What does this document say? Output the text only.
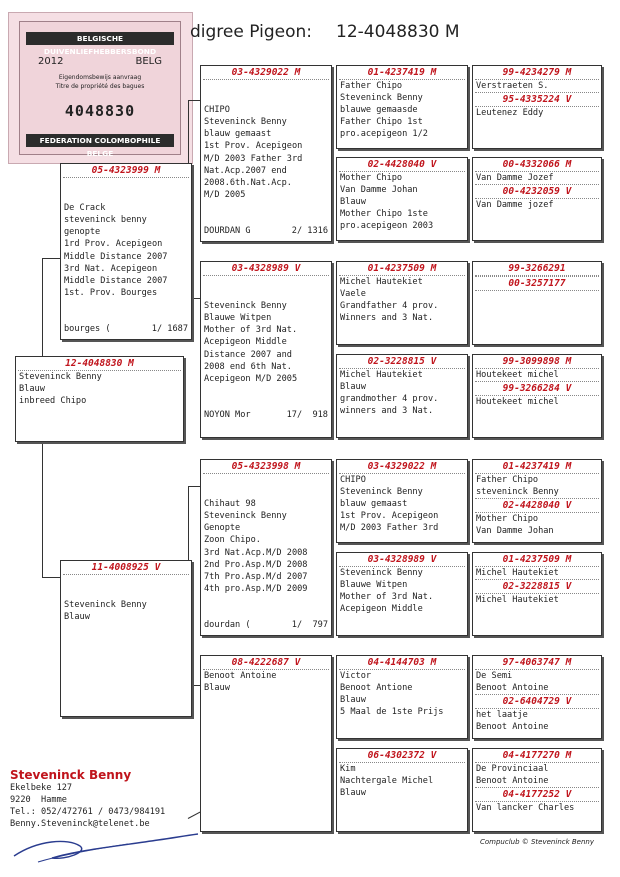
BELGISCHE DUIVENLIEFHEBBERSBOND
2012	BELG
Eigendomsbewijs aanvraag
Titre de propriété des bagues
4048830
FEDERATION COLOMBOPHILE BELGE
digree Pigeon: 12-4048830 M
12-4048830 M
Steveninck Benny
Blauw
inbreed Chipo
05-4323999 M

De Crack
steveninck benny
genopte
1rd Prov. Acepigeon
Middle Distance 2007
3rd Nat. Acepigeon
Middle Distance 2007
1st. Prov. Bourges

bourges (	1/ 1687

11-4008925 V

Steveninck Benny
Blauw

03-4329022 M

CHIPO
Steveninck Benny
blauw gemaast
1st Prov. Acepigeon
M/D 2003 Father 3rd
Nat.Acp.2007 end
2008.6th.Nat.Acp.
M/D 2005

DOURDAN G	2/ 1316

03-4328989 V

Steveninck Benny
Blauwe Witpen
Mother of 3rd Nat.
Acepigeon Middle
Distance 2007 and
2008 end 6th Nat.
Acepigeon M/D 2005

NOYON Mor	17/  918

05-4323998 M

Chihaut 98
Steveninck Benny
Genopte
Zoon Chipo.
3rd Nat.Acp.M/D 2008
2nd Pro.Asp.M/D 2008
7th Pro.Asp.M/d 2007
4th pro.Asp.M/D 2009

dourdan (	1/  797

08-4222687 V
Benoot Antoine
Blauw
01-4237419 M
Father Chipo
Steveninck Benny
blauwe gemaasde
Father Chipo 1st
pro.acepigeon 1/2
02-4428040 V
Mother Chipo
Van Damme Johan
Blauw
Mother Chipo 1ste
pro.acepigeon 2003
01-4237509 M
Michel Hautekiet
Vaele
Grandfather 4 prov.
Winners and 3 Nat.
02-3228815 V
Michel Hautekiet
Blauw
grandmother 4 prov.
winners and 3 Nat.
03-4329022 M
CHIPO
Steveninck Benny
blauw gemaast
1st Prov. Acepigeon
M/D 2003 Father 3rd
03-4328989 V
Steveninck Benny
Blauwe Witpen
Mother of 3rd Nat.
Acepigeon Middle
04-4144703 M
Victor
Benoot Antione
Blauw
5 Maal de 1ste Prijs
06-4302372 V
Kim
Nachtergale Michel
Blauw
99-4234279 M
Verstraeten S.
95-4335224 V
Leutenez Eddy
00-4332066 M
Van Damme Jozef
00-4232059 V
Van Damme jozef
99-3266291
00-3257177
99-3099898 M
Houtekeet michel
99-3266284 V
Houtekeet michel
01-4237419 M
Father Chipo
steveninck Benny
02-4428040 V
Mother Chipo
Van Damme Johan
01-4237509 M
Michel Hautekiet
02-3228815 V
Michel Hautekiet
97-4063747 M
De Semi
Benoot Antoine
02-6404729 V
het laatje
Benoot Antoine
04-4177270 M
De Provinciaal
Benoot Antoine
04-4177252 V
Van lancker Charles
Steveninck Benny
Ekelbeke 127
9220  Hamme
Tel.: 052/472761 / 0473/984191
Benny.Steveninck@telenet.be
Compuclub © Steveninck Benny
